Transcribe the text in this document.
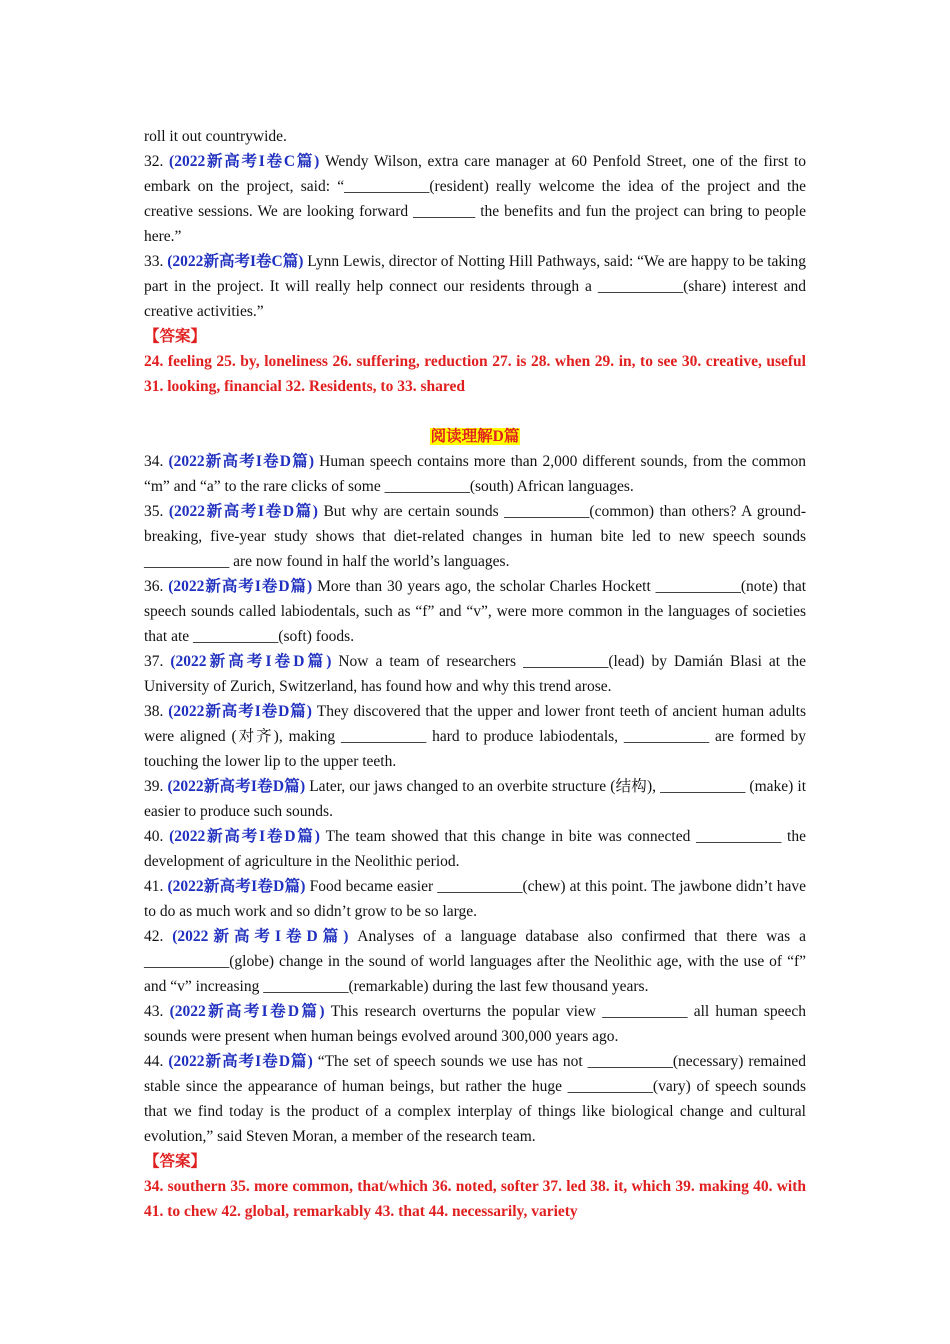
roll it out countrywide.

32. (2022新高考I卷C篇) Wendy Wilson, extra care manager at 60 Penfold Street, one of the first to embark on the project, said: “___________(resident) really welcome the idea of the project and the creative sessions. We are looking forward ________ the benefits and fun the project can bring to people here.”

33. (2022新高考I卷C篇) Lynn Lewis, director of Notting Hill Pathways, said: “We are happy to be taking part in the project. It will really help connect our residents through a ___________(share) interest and creative activities.”

【答案】

24. feeling 25. by, loneliness 26. suffering, reduction 27. is 28. when 29. in, to see 30. creative, useful 31. looking, financial 32. Residents, to 33. shared

阅读理解D篇

34. (2022新高考I卷D篇) Human speech contains more than 2,000 different sounds, from the common “m” and “a” to the rare clicks of some ___________(south) African languages.

35. (2022新高考I卷D篇) But why are certain sounds ___________(common) than others? A ground-breaking, five-year study shows that diet-related changes in human bite led to new speech sounds ___________ are now found in half the world’s languages.

36. (2022新高考I卷D篇) More than 30 years ago, the scholar Charles Hockett ___________(note) that speech sounds called labiodentals, such as “f” and “v”, were more common in the languages of societies that ate ___________(soft) foods.

37. (2022新高考I卷D篇) Now a team of researchers ___________(lead) by Damián Blasi at the University of Zurich, Switzerland, has found how and why this trend arose.

38. (2022新高考I卷D篇) They discovered that the upper and lower front teeth of ancient human adults were aligned (对齐), making ___________ hard to produce labiodentals, ___________ are formed by touching the lower lip to the upper teeth.

39. (2022新高考I卷D篇) Later, our jaws changed to an overbite structure (结构), ___________ (make) it easier to produce such sounds.

40. (2022新高考I卷D篇) The team showed that this change in bite was connected ___________ the development of agriculture in the Neolithic period.

41. (2022新高考I卷D篇) Food became easier ___________(chew) at this point. The jawbone didn’t have to do as much work and so didn’t grow to be so large.

42. (2022新高考I卷D篇) Analyses of a language database also confirmed that there was a ___________(globe) change in the sound of world languages after the Neolithic age, with the use of “f” and “v” increasing ___________(remarkable) during the last few thousand years.

43. (2022新高考I卷D篇) This research overturns the popular view ___________ all human speech sounds were present when human beings evolved around 300,000 years ago.

44. (2022新高考I卷D篇) “The set of speech sounds we use has not ___________(necessary) remained stable since the appearance of human beings, but rather the huge ___________(vary) of speech sounds that we find today is the product of a complex interplay of things like biological change and cultural evolution,” said Steven Moran, a member of the research team.

【答案】

34. southern 35. more common, that/which 36. noted, softer 37. led 38. it, which 39. making 40. with 41. to chew 42. global, remarkably 43. that 44. necessarily, variety
